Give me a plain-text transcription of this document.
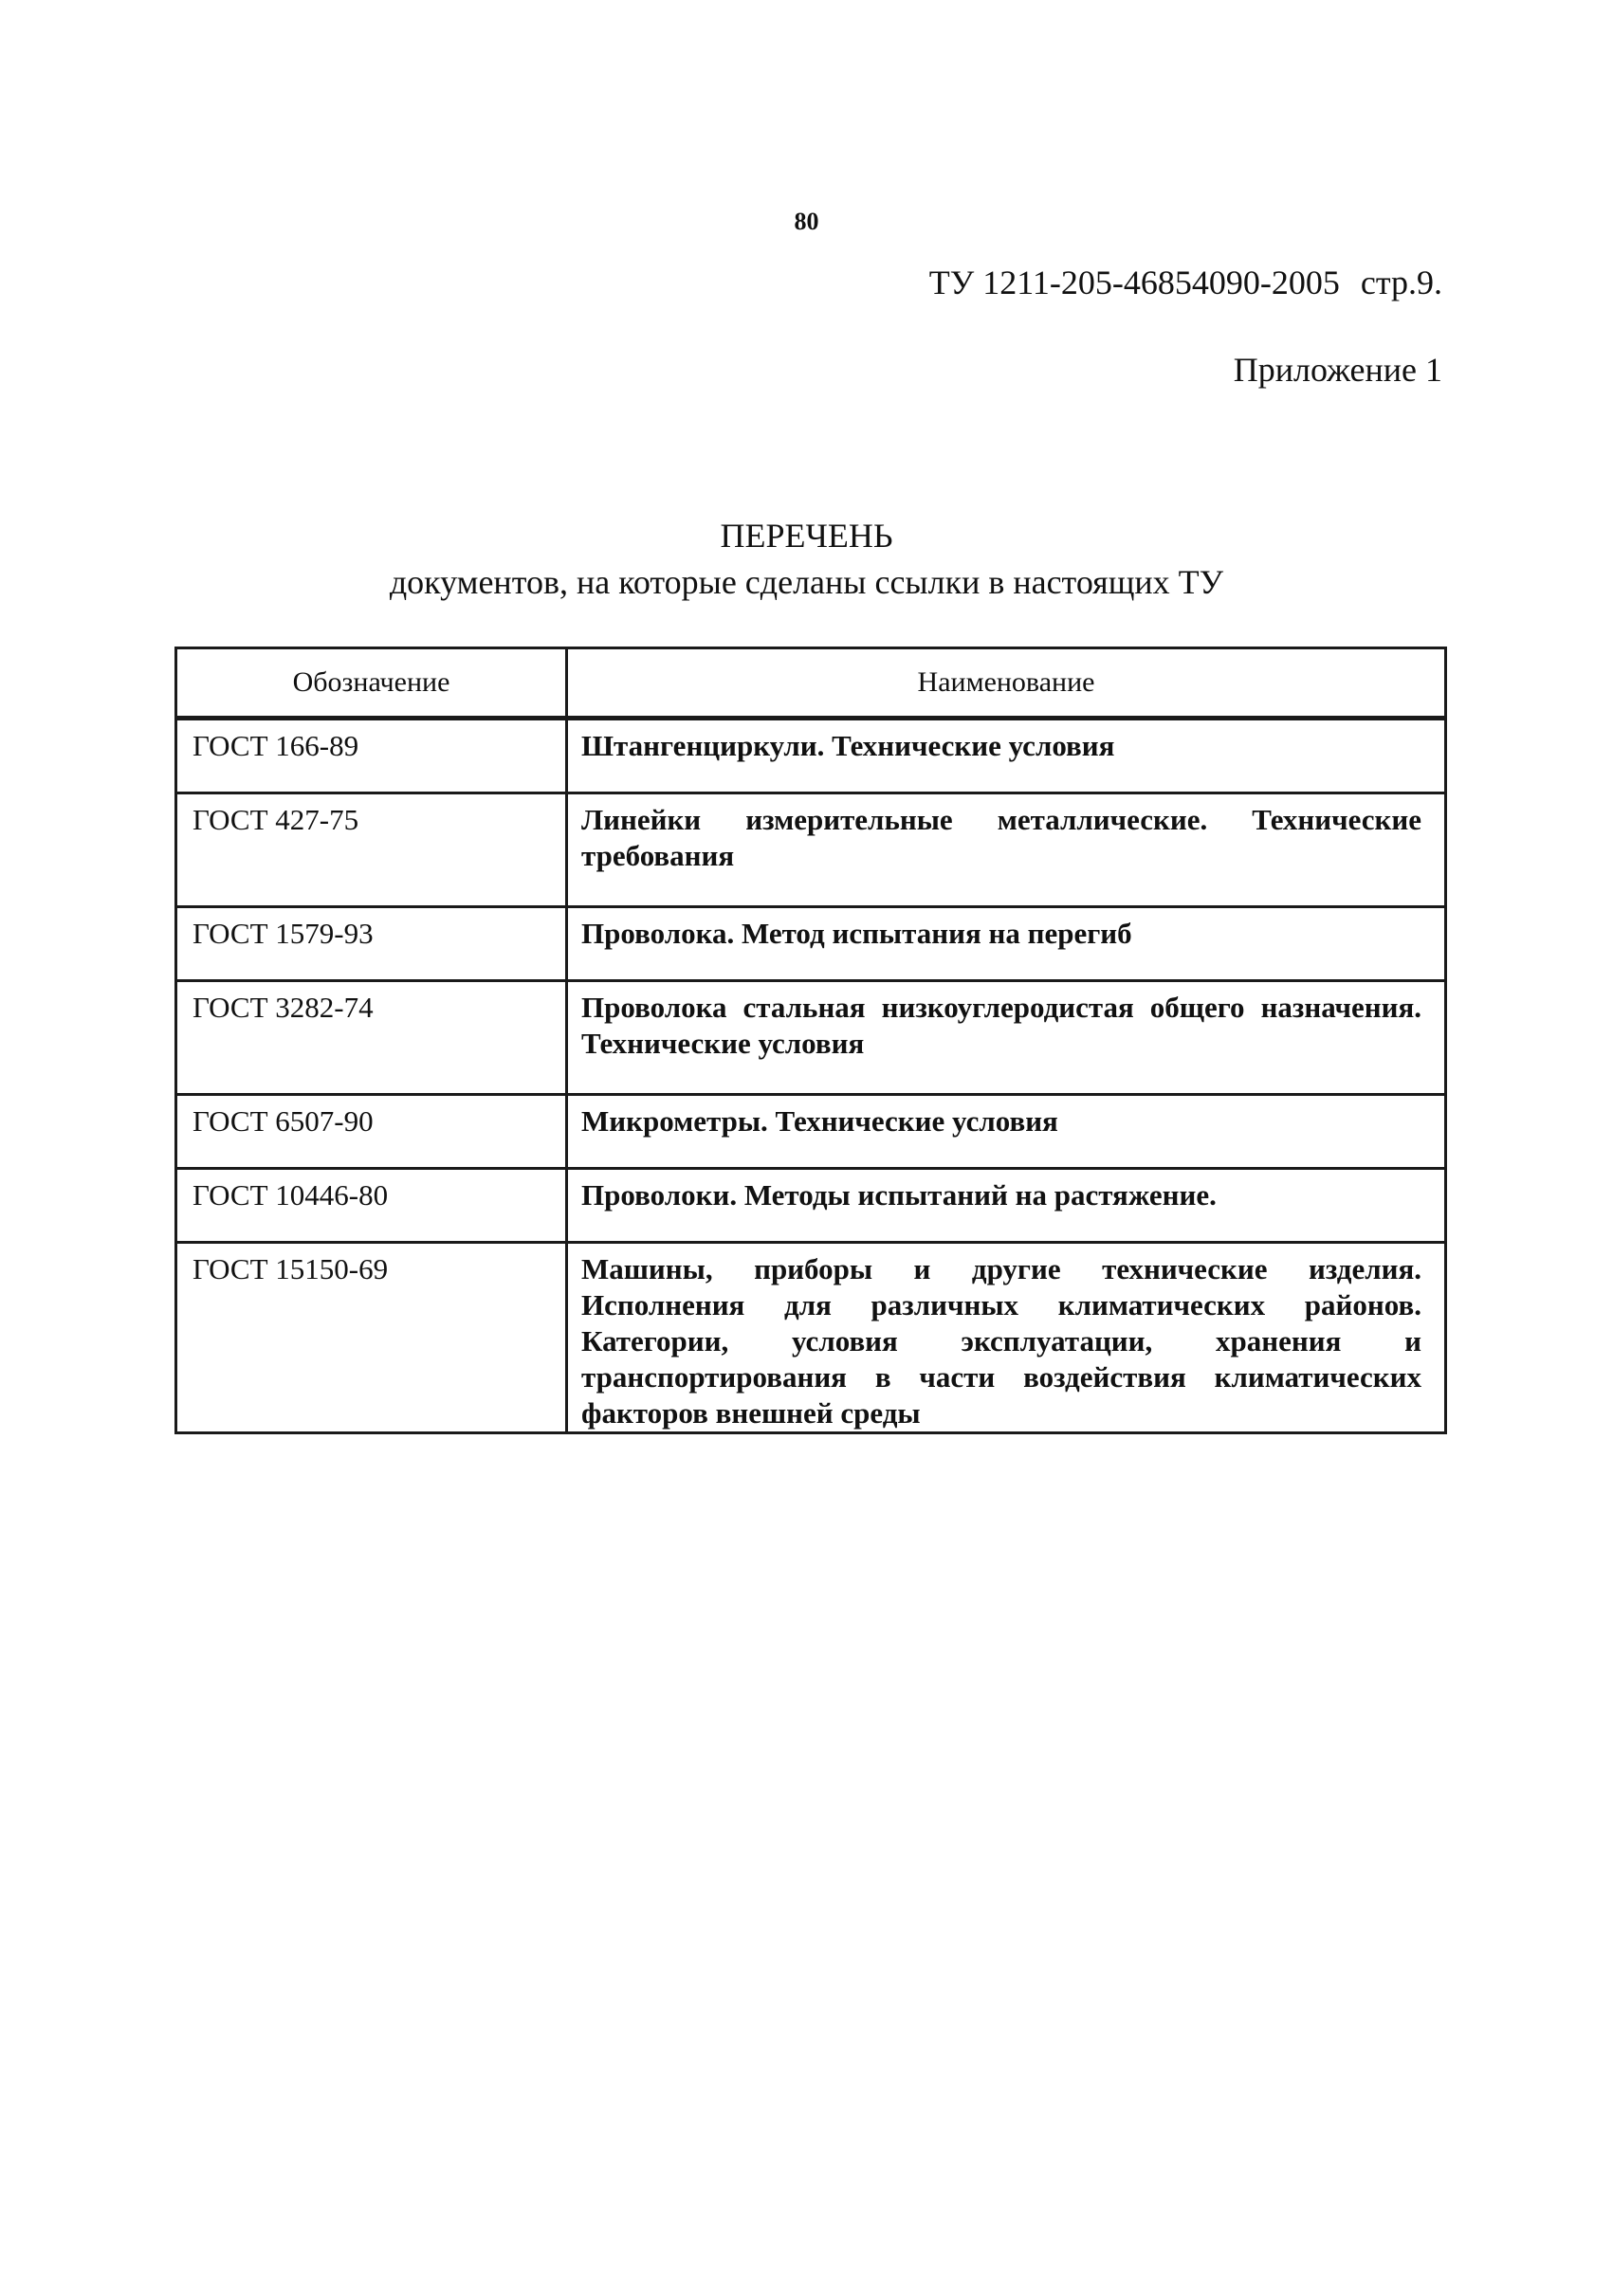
80
ТУ 1211-205-46854090-2005 стр.9.
Приложение 1
ПЕРЕЧЕНЬ
документов, на которые сделаны ссылки в настоящих ТУ
Обозначение	Наименование
ГОСТ 166-89	Штангенциркули. Технические условия
ГОСТ 427-75	Линейки измерительные металлические. Технические требования
ГОСТ 1579-93	Проволока. Метод испытания на перегиб
ГОСТ 3282-74	Проволока стальная низкоуглеродистая общего назначения. Технические условия
ГОСТ 6507-90	Микрометры. Технические условия
ГОСТ 10446-80	Проволоки. Методы испытаний на растяжение.
ГОСТ 15150-69	Машины, приборы и другие технические изделия. Исполнения для различных климатических районов. Категории, условия эксплуатации, хранения и транспортирования в части воздействия климатических факторов внешней среды
